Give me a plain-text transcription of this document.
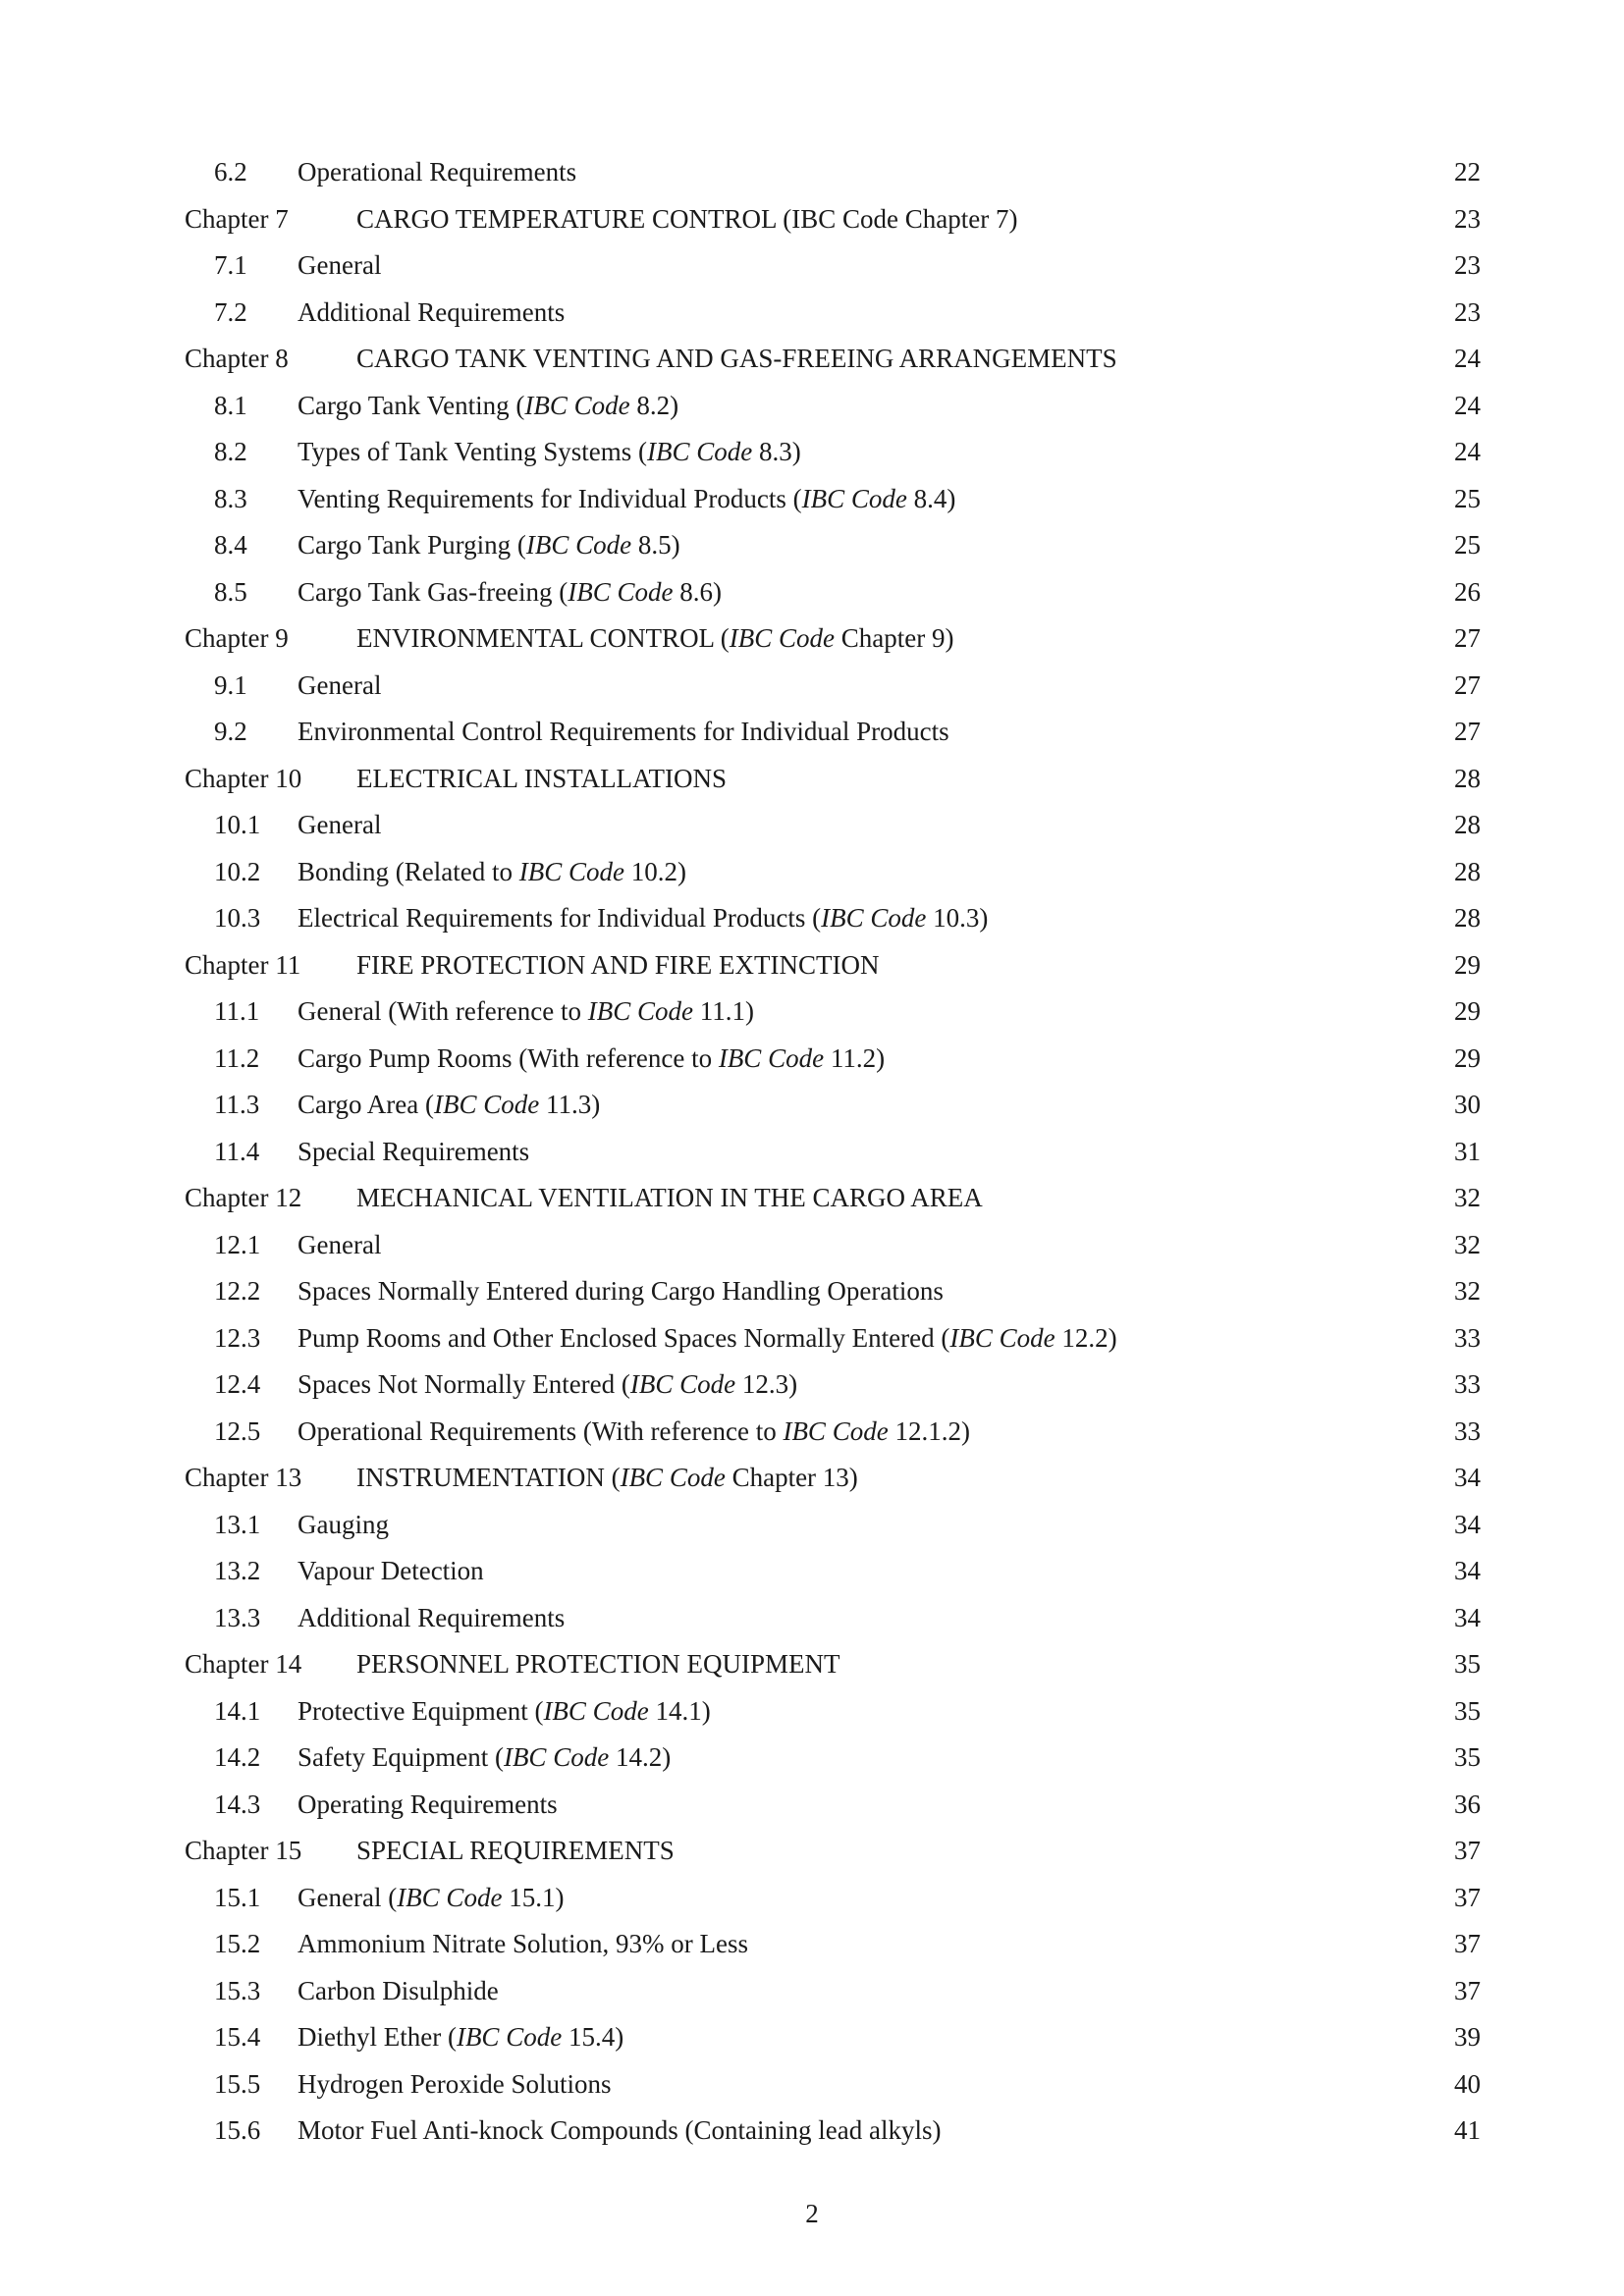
6.2	Operational Requirements .....	22
Chapter 7	CARGO TEMPERATURE CONTROL (IBC Code Chapter 7) .....	23
7.1	General .....	23
7.2	Additional Requirements .....	23
Chapter 8	CARGO TANK VENTING AND GAS-FREEING ARRANGEMENTS .....	24
8.1	Cargo Tank Venting (IBC Code 8.2) .....	24
8.2	Types of Tank Venting Systems (IBC Code 8.3) .....	24
8.3	Venting Requirements for Individual Products (IBC Code 8.4) .....	25
8.4	Cargo Tank Purging (IBC Code 8.5) .....	25
8.5	Cargo Tank Gas-freeing (IBC Code 8.6) .....	26
Chapter 9	ENVIRONMENTAL CONTROL (IBC Code Chapter 9) .....	27
9.1	General .....	27
9.2	Environmental Control Requirements for Individual Products .....	27
Chapter 10	ELECTRICAL INSTALLATIONS .....	28
10.1	General .....	28
10.2	Bonding (Related to IBC Code 10.2) .....	28
10.3	Electrical Requirements for Individual Products (IBC Code 10.3) .....	28
Chapter 11	FIRE PROTECTION AND FIRE EXTINCTION .....	29
11.1	General (With reference to IBC Code 11.1) .....	29
11.2	Cargo Pump Rooms (With reference to IBC Code 11.2) .....	29
11.3	Cargo Area (IBC Code 11.3) .....	30
11.4	Special Requirements .....	31
Chapter 12	MECHANICAL VENTILATION IN THE CARGO AREA .....	32
12.1	General .....	32
12.2	Spaces Normally Entered during Cargo Handling Operations .....	32
12.3	Pump Rooms and Other Enclosed Spaces Normally Entered (IBC Code 12.2) .....	33
12.4	Spaces Not Normally Entered (IBC Code 12.3) .....	33
12.5	Operational Requirements (With reference to IBC Code 12.1.2) .....	33
Chapter 13	INSTRUMENTATION (IBC Code Chapter 13) .....	34
13.1	Gauging .....	34
13.2	Vapour Detection .....	34
13.3	Additional Requirements .....	34
Chapter 14	PERSONNEL PROTECTION EQUIPMENT .....	35
14.1	Protective Equipment (IBC Code 14.1) .....	35
14.2	Safety Equipment (IBC Code 14.2) .....	35
14.3	Operating Requirements .....	36
Chapter 15	SPECIAL REQUIREMENTS .....	37
15.1	General (IBC Code 15.1) .....	37
15.2	Ammonium Nitrate Solution, 93% or Less .....	37
15.3	Carbon Disulphide .....	37
15.4	Diethyl Ether (IBC Code 15.4) .....	39
15.5	Hydrogen Peroxide Solutions .....	40
15.6	Motor Fuel Anti-knock Compounds (Containing lead alkyls) .....	41
2
